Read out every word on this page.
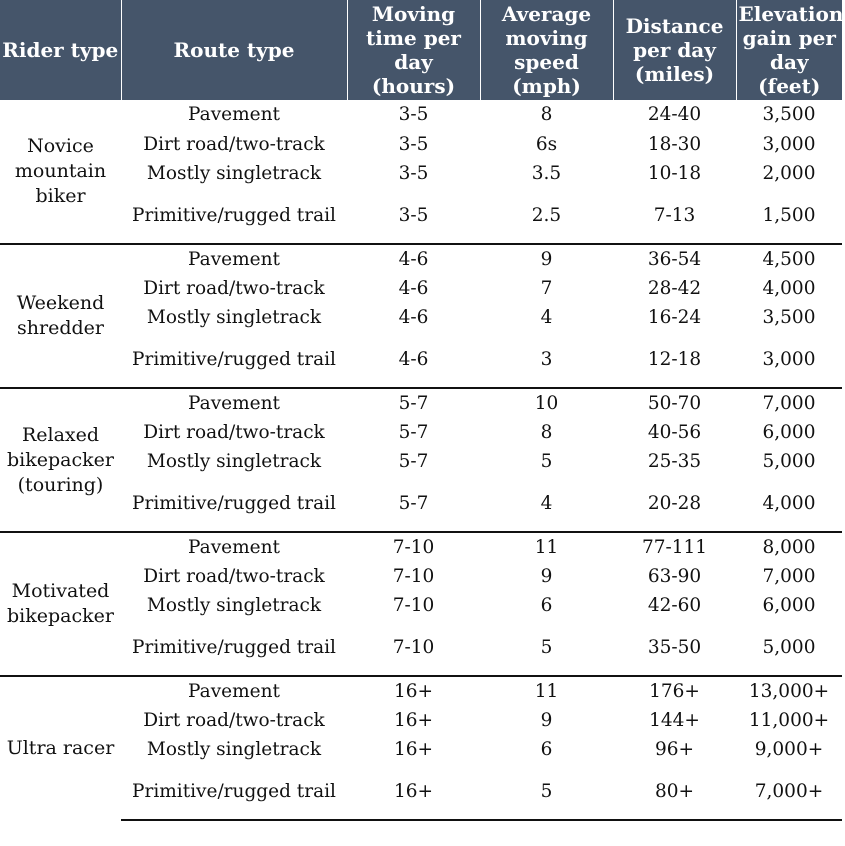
Rider type	Route type	Moving time per day (hours)	Average moving speed (mph)	Distance per day (miles)	Elevation gain per day (feet)
Novice mountain biker	Pavement	3-5	8	24-40	3,500
	Dirt road/two-track	3-5	6s	18-30	3,000
	Mostly singletrack	3-5	3.5	10-18	2,000
	Primitive/rugged trail	3-5	2.5	7-13	1,500
Weekend shredder	Pavement	4-6	9	36-54	4,500
	Dirt road/two-track	4-6	7	28-42	4,000
	Mostly singletrack	4-6	4	16-24	3,500
	Primitive/rugged trail	4-6	3	12-18	3,000
Relaxed bikepacker (touring)	Pavement	5-7	10	50-70	7,000
	Dirt road/two-track	5-7	8	40-56	6,000
	Mostly singletrack	5-7	5	25-35	5,000
	Primitive/rugged trail	5-7	4	20-28	4,000
Motivated bikepacker	Pavement	7-10	11	77-111	8,000
	Dirt road/two-track	7-10	9	63-90	7,000
	Mostly singletrack	7-10	6	42-60	6,000
	Primitive/rugged trail	7-10	5	35-50	5,000
Ultra racer	Pavement	16+	11	176+	13,000+
	Dirt road/two-track	16+	9	144+	11,000+
	Mostly singletrack	16+	6	96+	9,000+
	Primitive/rugged trail	16+	5	80+	7,000+
